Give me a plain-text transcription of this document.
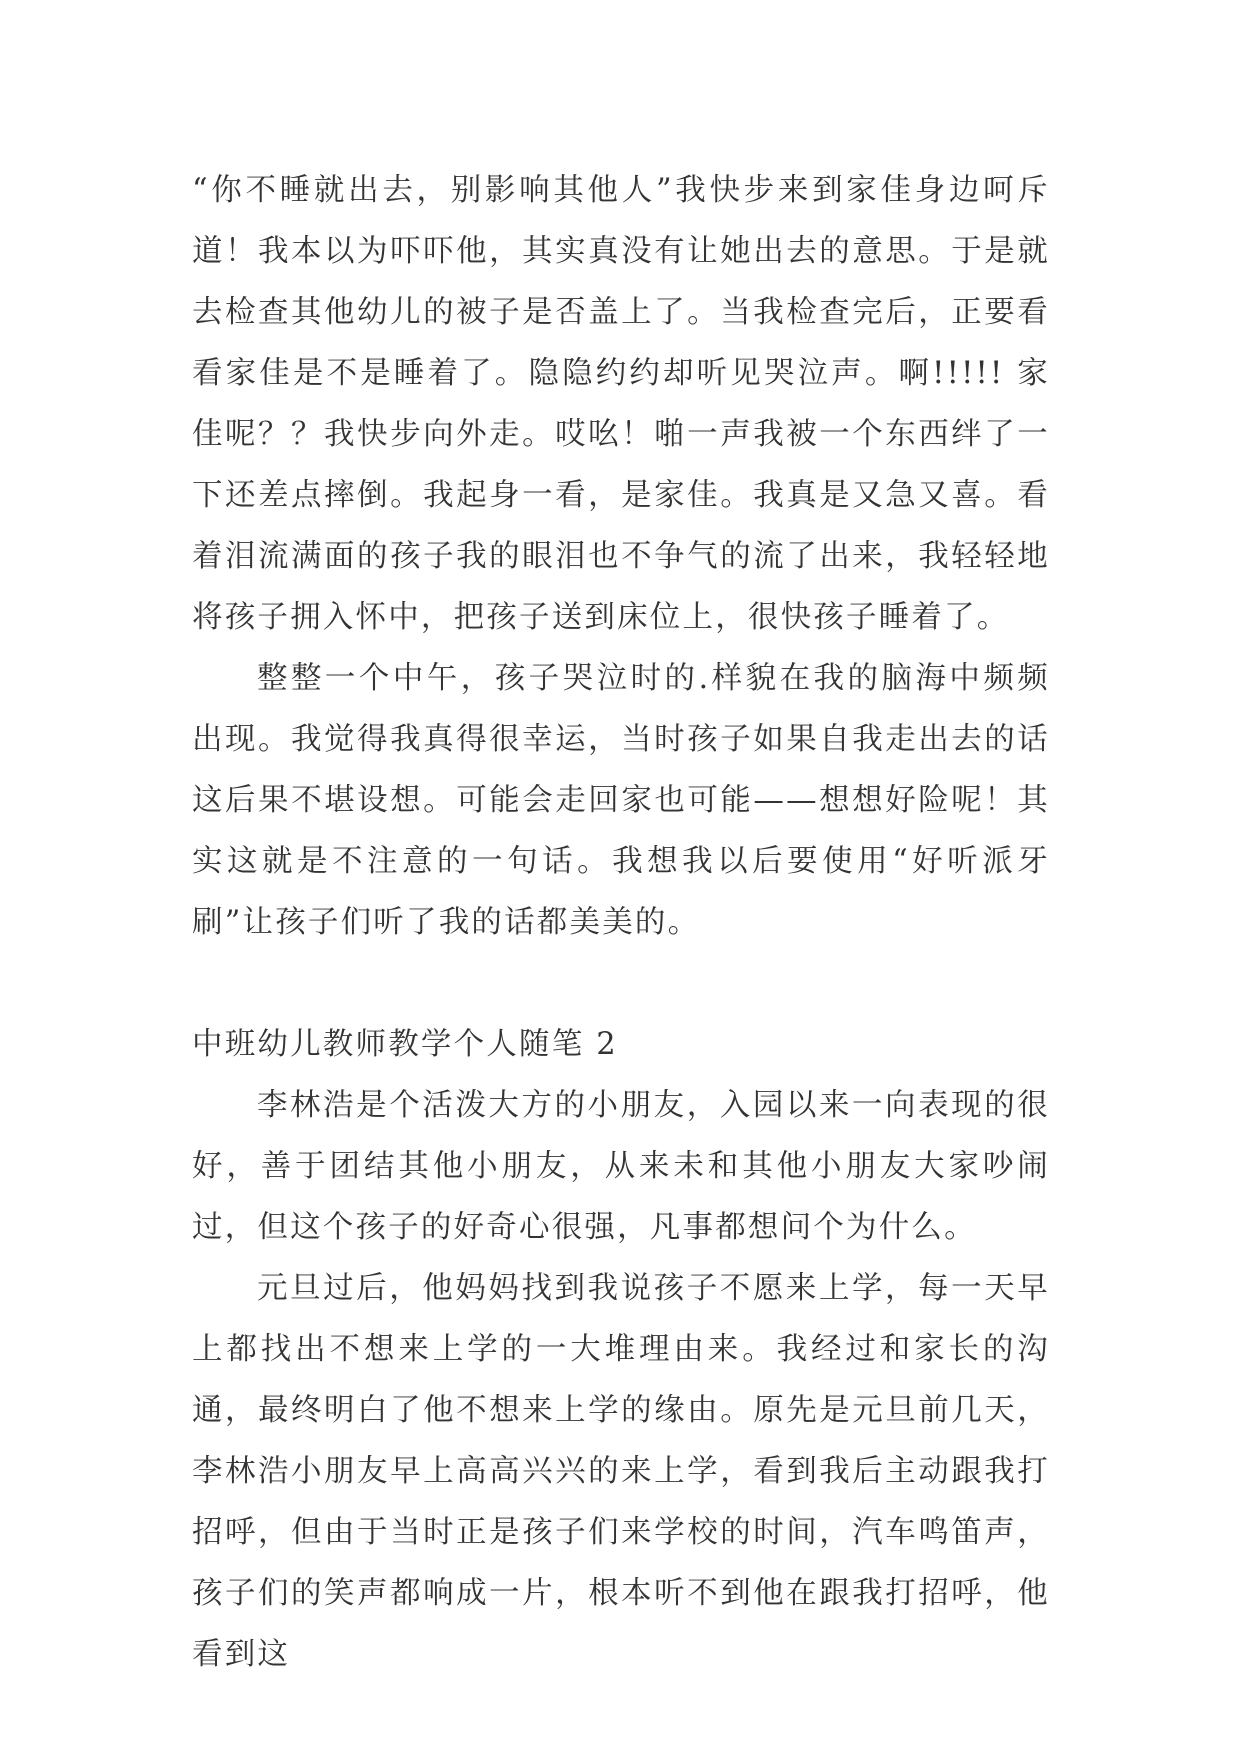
“你不睡就出去，别影响其他人”我快步来到家佳身边呵斥道！我本以为吓吓他，其实真没有让她出去的意思。于是就去检查其他幼儿的被子是否盖上了。当我检查完后，正要看看家佳是不是睡着了。隐隐约约却听见哭泣声。啊!!!!! 家佳呢？？我快步向外走。哎吆！啪一声我被一个东西绊了一下还差点摔倒。我起身一看，是家佳。我真是又急又喜。看着泪流满面的孩子我的眼泪也不争气的流了出来，我轻轻地将孩子拥入怀中，把孩子送到床位上，很快孩子睡着了。

整整一个中午，孩子哭泣时的.样貌在我的脑海中频频出现。我觉得我真得很幸运，当时孩子如果自我走出去的话这后果不堪设想。可能会走回家也可能——想想好险呢！其实这就是不注意的一句话。我想我以后要使用“好听派牙刷”让孩子们听了我的话都美美的。

中班幼儿教师教学个人随笔 2

李林浩是个活泼大方的小朋友，入园以来一向表现的很好，善于团结其他小朋友，从来未和其他小朋友大家吵闹过，但这个孩子的好奇心很强，凡事都想问个为什么。

元旦过后，他妈妈找到我说孩子不愿来上学，每一天早上都找出不想来上学的一大堆理由来。我经过和家长的沟通，最终明白了他不想来上学的缘由。原先是元旦前几天，李林浩小朋友早上高高兴兴的来上学，看到我后主动跟我打招呼，但由于当时正是孩子们来学校的时间，汽车鸣笛声，孩子们的笑声都响成一片，根本听不到他在跟我打招呼，他看到这
